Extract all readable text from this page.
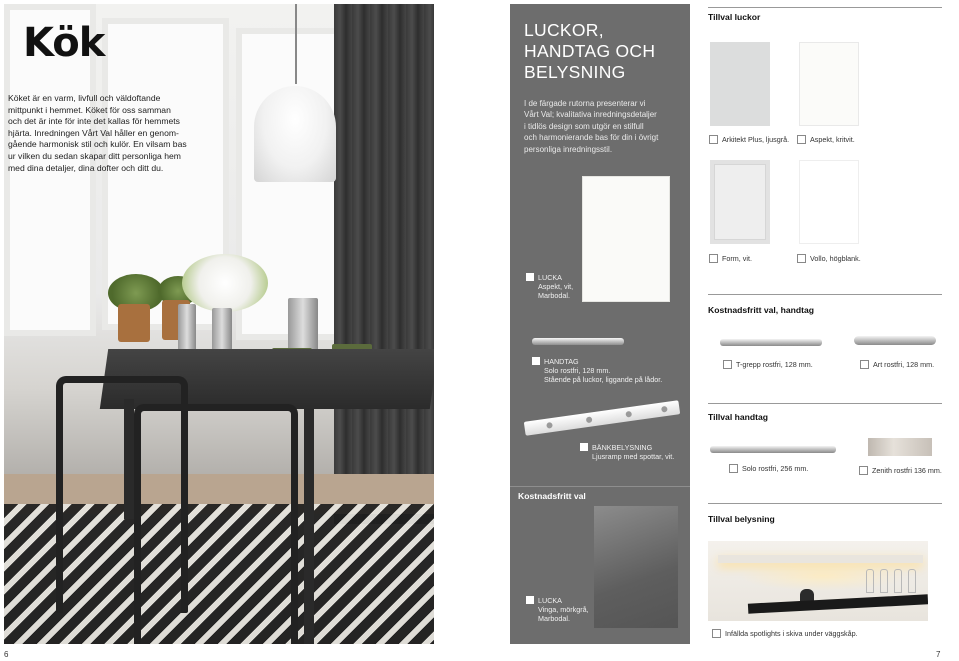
Kök

Köket är en varm, livfull och väldoftande
mittpunkt i hemmet. Köket för oss samman
och det är inte för inte det kallas för hemmets
hjärta. Inredningen Vårt Val håller en genom-
gående harmonisk stil och kulör. En vilsam bas
ur vilken du sedan skapar ditt personliga hem
med dina detaljer, dina dofter och ditt du.

6
LUCKOR,
HANDTAG OCH
BELYSNING

I de färgade rutorna presenterar vi
Vårt Val; kvalitativa inredningsdetaljer
i tidlös design som utgör en stilfull
och harmonierande bas för din i övrigt
personliga inredningsstil.

LUCKA
Aspekt, vit,
Marbodal.
HANDTAG
Solo rostfri, 128 mm.
Stående på luckor, liggande på lådor.
BÄNKBELYSNING
Ljusramp med spottar, vit.

Kostnadsfritt val

LUCKA
Vinga, mörkgrå,
Marbodal.

Tillval luckor

Arkitekt Plus, ljusgrå.	Aspekt, kritvit.
Form, vit.	Vollo, högblank.

Kostnadsfritt val, handtag

T-grepp rostfri, 128 mm.	Art rostfri, 128 mm.

Tillval handtag

Solo rostfri, 256 mm.	Zenith rostfri 136 mm.

Tillval belysning

Infällda spotlights i skiva under väggskåp.
7
